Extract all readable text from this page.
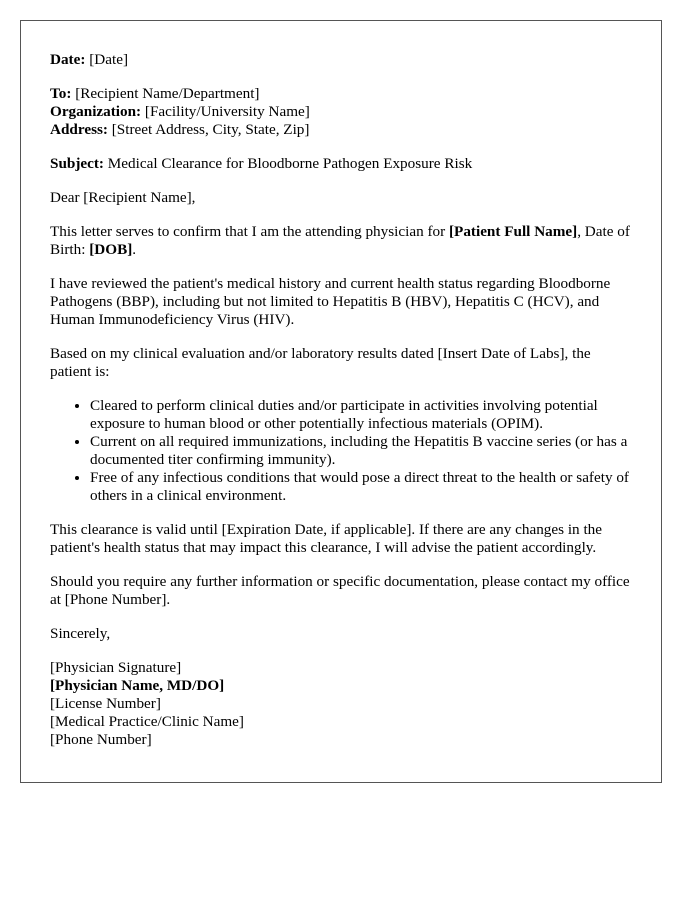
Date: [Date]

To: [Recipient Name/Department]

Organization: [Facility/University Name]

Address: [Street Address, City, State, Zip]

Subject: Medical Clearance for Bloodborne Pathogen Exposure Risk

Dear [Recipient Name],

This letter serves to confirm that I am the attending physician for [Patient Full Name], Date of Birth: [DOB].

I have reviewed the patient's medical history and current health status regarding Bloodborne Pathogens (BBP), including but not limited to Hepatitis B (HBV), Hepatitis C (HCV), and Human Immunodeficiency Virus (HIV).

Based on my clinical evaluation and/or laboratory results dated [Insert Date of Labs], the patient is:

• Cleared to perform clinical duties and/or participate in activities involving potential exposure to human blood or other potentially infectious materials (OPIM).
• Current on all required immunizations, including the Hepatitis B vaccine series (or has a documented titer confirming immunity).
• Free of any infectious conditions that would pose a direct threat to the health or safety of others in a clinical environment.

This clearance is valid until [Expiration Date, if applicable]. If there are any changes in the patient's health status that may impact this clearance, I will advise the patient accordingly.

Should you require any further information or specific documentation, please contact my office at [Phone Number].

Sincerely,

[Physician Signature]

[Physician Name, MD/DO]

[License Number]

[Medical Practice/Clinic Name]

[Phone Number]
